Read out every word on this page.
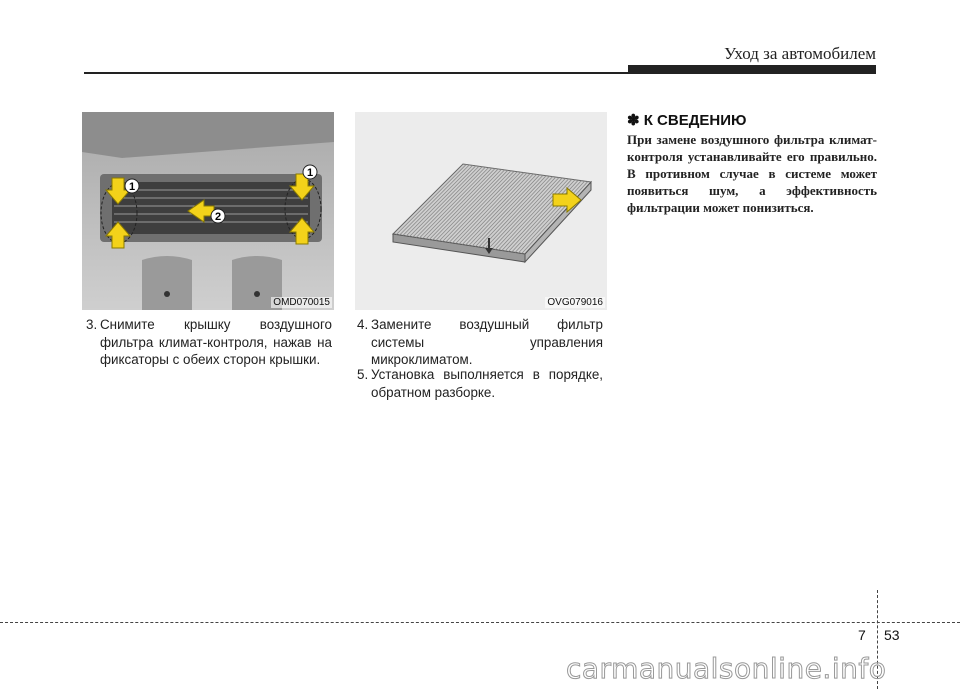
Уход за автомобилем
1
2
1
OMD070015	OVG079016
3. Снимите крышку воздушного фильтра климат-контроля, нажав на фиксаторы с обеих сторон крышки.
4. Замените воздушный фильтр системы управления микроклиматом.
5. Установка выполняется в порядке, обратном разборке.
✽ К СВЕДЕНИЮ
При замене воздушного фильтра климат-контроля устанавливайте его правильно. В противном случае в системе может появиться шум, а эффективность фильтрации может понизиться.
7 53
carmanualsonline.info
